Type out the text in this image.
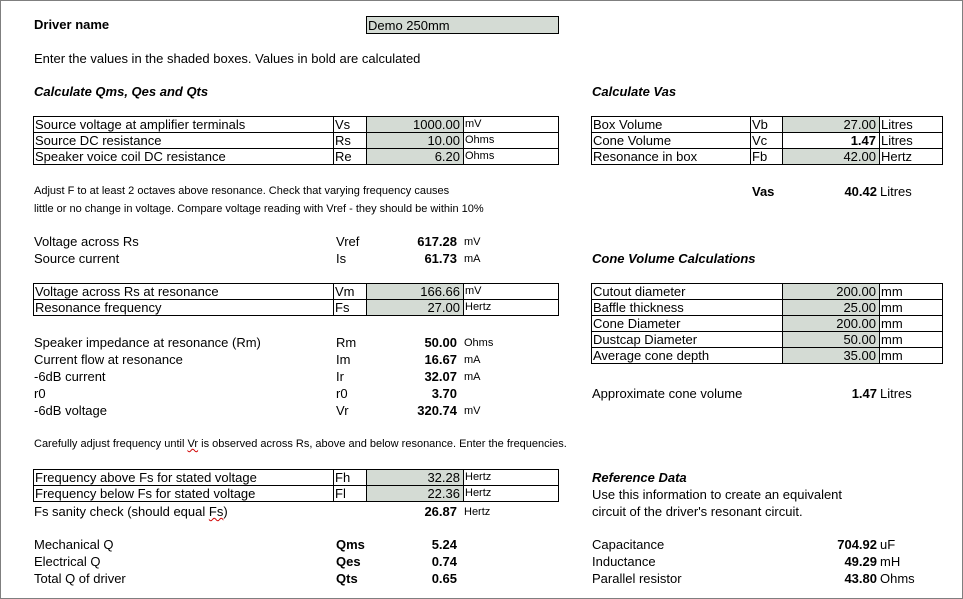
Driver name	Demo 250mm
Enter the values in the shaded boxes. Values in bold are calculated
Calculate Qms, Qes and Qts	Calculate Vas
Source voltage at amplifier terminals	Vs	1000.00	mV
Source DC resistance	Rs	10.00	Ohms
Speaker voice coil DC resistance	Re	6.20	Ohms
Box Volume	Vb	27.00	Litres
Cone Volume	Vc	1.47	Litres
Resonance in box	Fb	42.00	Hertz
Adjust F to at least 2 octaves above resonance. Check that varying frequency causes
little or no change in voltage. Compare voltage reading with Vref - they should be within 10%
Vas	40.42 Litres
Voltage across Rs	Vref	617.28 mV
Source current	Is	61.73 mA	Cone Volume Calculations
Voltage across Rs at resonance	Vm	166.66	mV
Resonance frequency	Fs	27.00	Hertz
Cutout diameter	200.00	mm
Baffle thickness	25.00	mm
Cone Diameter	200.00	mm
Dustcap Diameter	50.00	mm
Average cone depth	35.00	mm
Speaker impedance at resonance (Rm)	Rm	50.00 Ohms
Current flow at resonance	Im	16.67 mA
-6dB current	Ir	32.07 mA
r0	r0	3.70
-6dB voltage	Vr	320.74 mV
Approximate cone volume	1.47 Litres
Carefully adjust frequency until Vr is observed across Rs, above and below resonance. Enter the frequencies.
Frequency above Fs for stated voltage	Fh	32.28	Hertz
Frequency below Fs for stated voltage	Fl	22.36	Hertz
Reference Data
Use this information to create an equivalent
circuit of the driver's resonant circuit.
Fs sanity check (should equal Fs)	26.87 Hertz
Mechanical Q	Qms	5.24
Electrical Q	Qes	0.74
Total Q of driver	Qts	0.65
Capacitance	704.92 uF
Inductance	49.29 mH
Parallel resistor	43.80 Ohms
